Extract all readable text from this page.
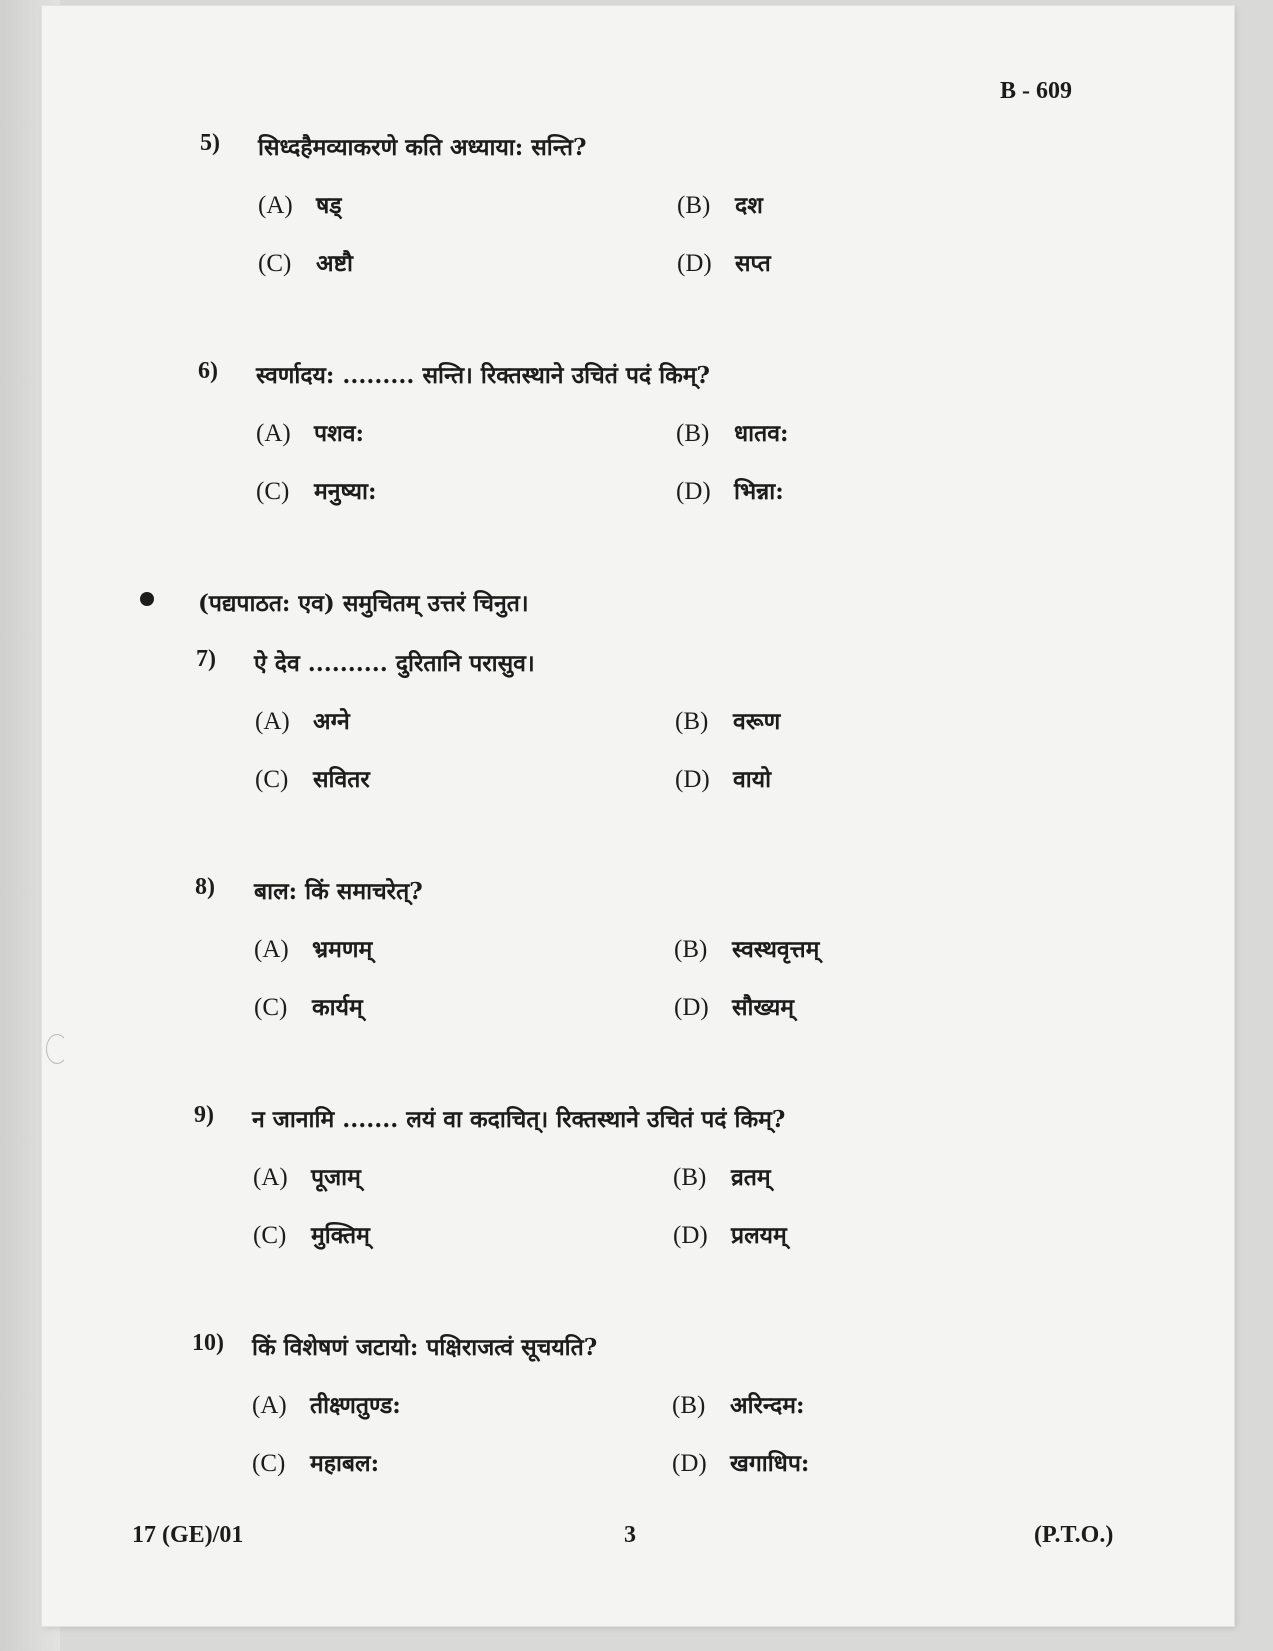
B - 609
5) सिध्दहैमव्याकरणे कति अध्याया: सन्ति?
(A) षड्	(B) दश
(C) अष्टौ	(D) सप्त
6) स्वर्णादय: ......... सन्ति। रिक्तस्थाने उचितं पदं किम्?
(A) पशव:	(B) धातव:
(C) मनुष्या:	(D) भिन्ना:
(पद्यपाठत: एव) समुचितम् उत्तरं चिनुत।
7) ऐ देव .......... दुरितानि परासुव।
(A) अग्ने	(B) वरूण
(C) सवितर	(D) वायो
8) बाल: किं समाचरेत्?
(A) भ्रमणम्	(B) स्वस्थवृत्तम्
(C) कार्यम्	(D) सौख्यम्
9) न जानामि ....... लयं वा कदाचित्। रिक्तस्थाने उचितं पदं किम्?
(A) पूजाम्	(B) व्रतम्
(C) मुक्तिम्	(D) प्रलयम्
10) किं विशेषणं जटायो: पक्षिराजत्वं सूचयति?
(A) तीक्ष्णतुण्ड:	(B) अरिन्दम:
(C) महाबल:	(D) खगाधिप:
17 (GE)/01	3	(P.T.O.)
